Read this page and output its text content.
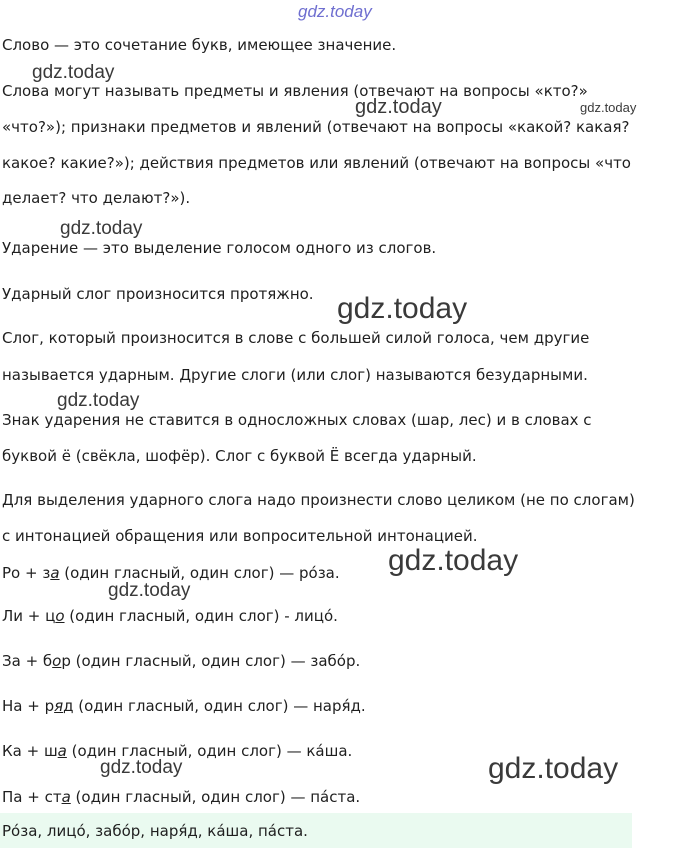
gdz.today
gdz.today
gdz.today	gdz.today
gdz.today
gdz.today
gdz.today
gdz.today
gdz.today
gdz.today	gdz.today

Слово — это сочетание букв, имеющее значение.

Слова могут называть предметы и явления (отвечают на вопросы «кто?»

«что?»); признаки предметов и явлений (отвечают на вопросы «какой? какая?

какое? какие?»); действия предметов или явлений (отвечают на вопросы «что

делает? что делают?»).

Ударение — это выделение голосом одного из слогов.

Ударный слог произносится протяжно.

Слог, который произносится в слове с большей силой голоса, чем другие

называется ударным. Другие слоги (или слог) называются безударными.

Знак ударения не ставится в односложных словах (шар, лес) и в словах с

буквой ё (свёкла, шофёр). Слог с буквой Ё всегда ударный.

Для выделения ударного слога надо произнести слово целиком (не по слогам)

с интонацией обращения или вопросительной интонацией.

Ро + за (один гласный, один слог) — ро́за.
Ли + цо (один гласный, один слог) - лицо́.
За + бор (один гласный, один слог) — забо́р.
На + ряд (один гласный, один слог) — наря́д.
Ка + ша (один гласный, один слог) — ка́ша.
Па + ста (один гласный, один слог) — па́ста.
Ро́за, лицо́, забо́р, наря́д, ка́ша, па́ста.
